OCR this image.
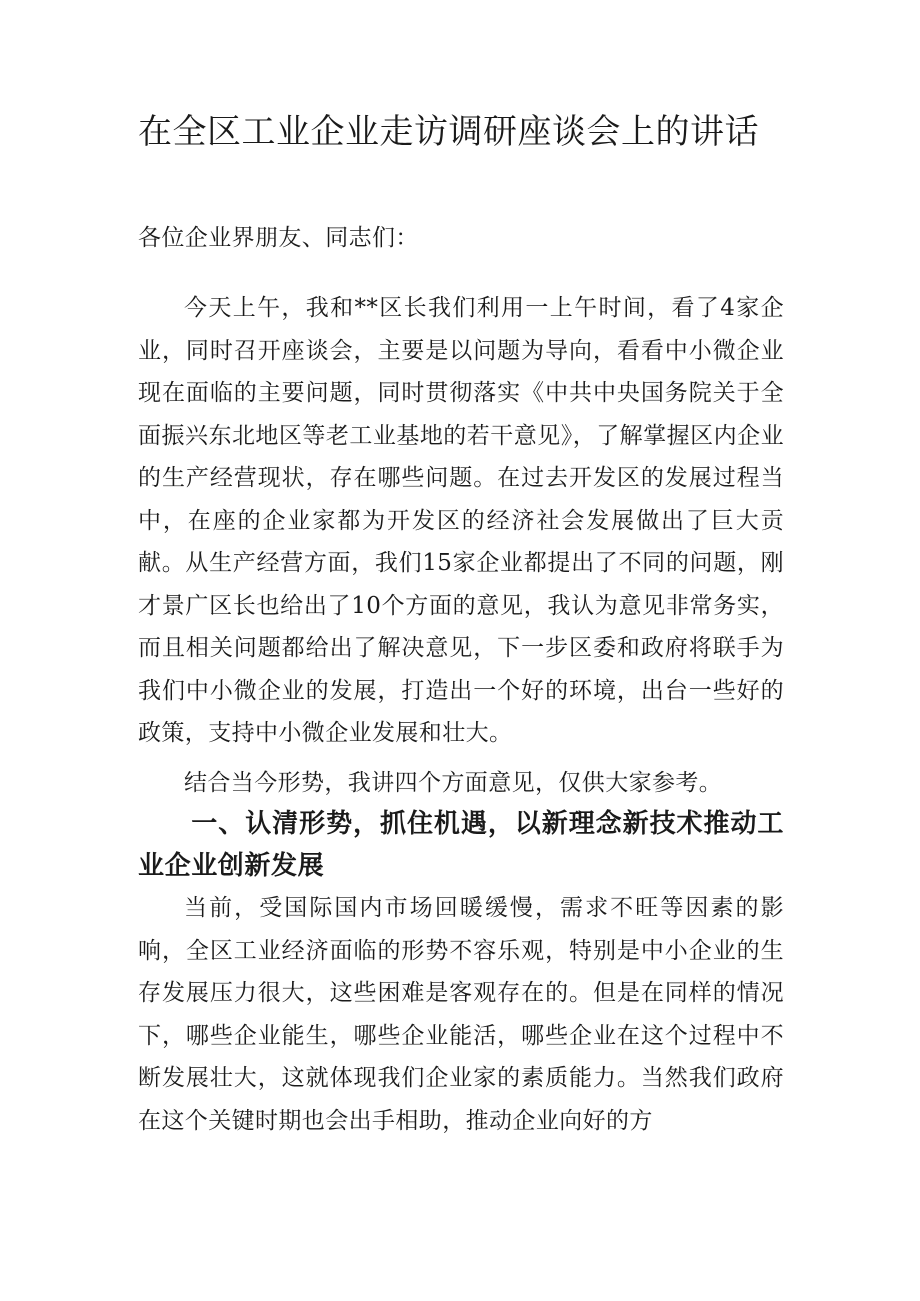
在全区工业企业走访调研座谈会上的讲话
各位企业界朋友、同志们：
今天上午，我和**区长我们利用一上午时间，看了4家企业，同时召开座谈会，主要是以问题为导向，看看中小微企业现在面临的主要问题，同时贯彻落实《中共中央国务院关于全面振兴东北地区等老工业基地的若干意见》，了解掌握区内企业的生产经营现状，存在哪些问题。在过去开发区的发展过程当中，在座的企业家都为开发区的经济社会发展做出了巨大贡献。从生产经营方面，我们15家企业都提出了不同的问题，刚才景广区长也给出了10个方面的意见，我认为意见非常务实，而且相关问题都给出了解决意见，下一步区委和政府将联手为我们中小微企业的发展，打造出一个好的环境，出台一些好的政策，支持中小微企业发展和壮大。
结合当今形势，我讲四个方面意见，仅供大家参考。
一、认清形势，抓住机遇，以新理念新技术推动工业企业创新发展
当前，受国际国内市场回暖缓慢，需求不旺等因素的影响，全区工业经济面临的形势不容乐观，特别是中小企业的生存发展压力很大，这些困难是客观存在的。但是在同样的情况下，哪些企业能生，哪些企业能活，哪些企业在这个过程中不断发展壮大，这就体现我们企业家的素质能力。当然我们政府在这个关键时期也会出手相助，推动企业向好的方
